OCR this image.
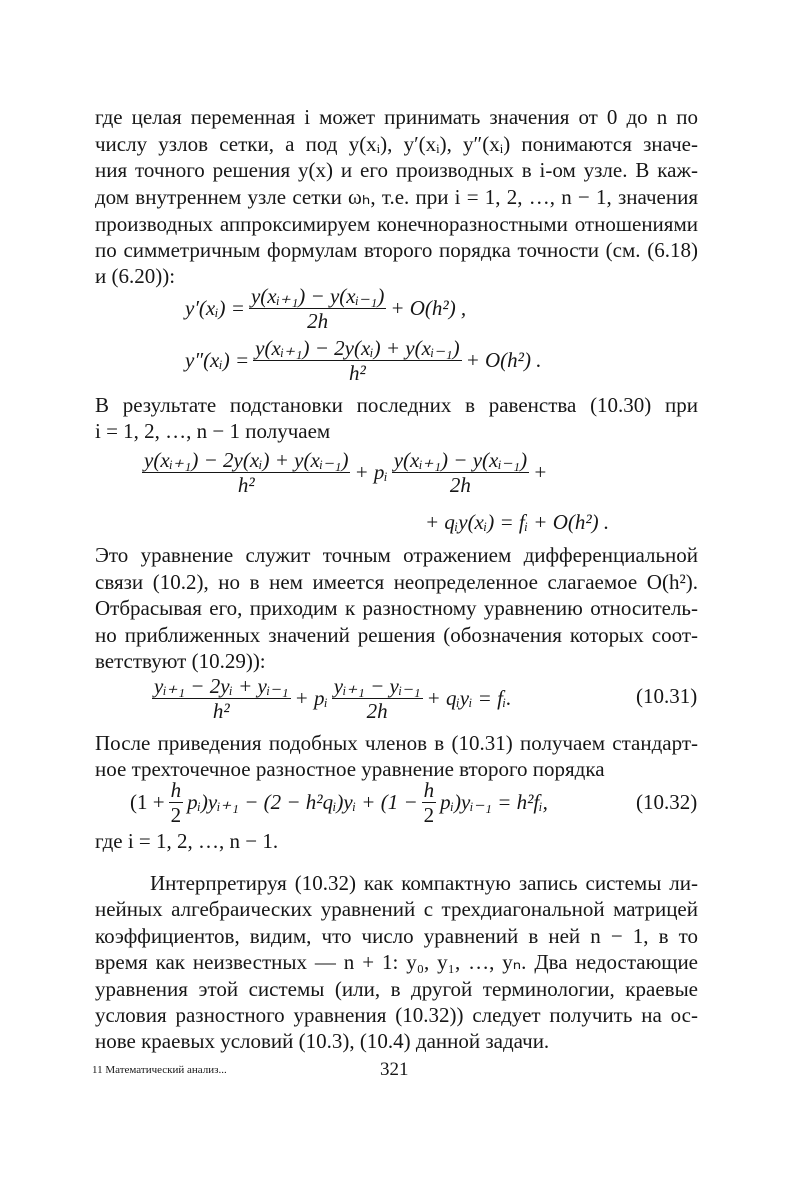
где целая переменная i может принимать значения от 0 до n по
числу узлов сетки, а под y(xᵢ), y′(xᵢ), y″(xᵢ) понимаются значе-
ния точного решения y(x) и его производных в i-ом узле. В каж-
дом внутреннем узле сетки ωₕ, т.е. при i = 1, 2, …, n − 1, значения
производных аппроксимируем конечноразностными отношениями
по симметричным формулам второго порядка точности (см. (6.18)
и (6.20)):
y′(xᵢ) = $\frac{\text{y(xᵢ₊₁) − y(xᵢ₋₁)}}{2h} + O(h^2)$ ,
y″(xᵢ) = $\frac{\text{y(xᵢ₊₁) − 2y(xᵢ) + y(xᵢ₋₁)}}{\text{h²}} + O(h^2)$ .
В результате подстановки последних в равенства (10.30) при
i = 1, 2, …, n − 1 получаем
$\frac{\text{y(xᵢ₊₁) − 2y(xᵢ) + y(xᵢ₋₁)}}{\text{h²}}$ + pᵢ $\frac{\text{y(xᵢ₊₁) − y(xᵢ₋₁)}}{2h}$ +
+ qᵢy(xᵢ) = fᵢ + O(h²) .
Это уравнение служит точным отражением дифференциальной
связи (10.2), но в нем имеется неопределенное слагаемое O(h²).
Отбрасывая его, приходим к разностному уравнению относитель-
но приближенных значений решения (обозначения которых соот-
ветствуют (10.29)):
$\frac{\text{yᵢ₊₁ − 2yᵢ + yᵢ₋₁}}{\text{h²}}$ + pᵢ $\frac{\text{yᵢ₊₁ − yᵢ₋₁}}{2h}$ + qᵢyᵢ = fᵢ.	(10.31)
После приведения подобных членов в (10.31) получаем стандарт-
ное трехточечное разностное уравнение второго порядка
($1 + \frac{h}{2}$ pᵢ)yᵢ₊₁ − (2 − h²qᵢ)yᵢ + ($1 - \frac{h}{2}$ pᵢ)yᵢ₋₁ = h²fᵢ,	(10.32)
где i = 1, 2, …, n − 1.
Интерпретируя (10.32) как компактную запись системы ли-
нейных алгебраических уравнений с трехдиагональной матрицей
коэффициентов, видим, что число уравнений в ней n − 1, в то
время как неизвестных — n + 1: y₀, y₁, …, yₙ. Два недостающие
уравнения этой системы (или, в другой терминологии, краевые
условия разностного уравнения (10.32)) следует получить на ос-
нове краевых условий (10.3), (10.4) данной задачи.
11 Математический анализ...	321
